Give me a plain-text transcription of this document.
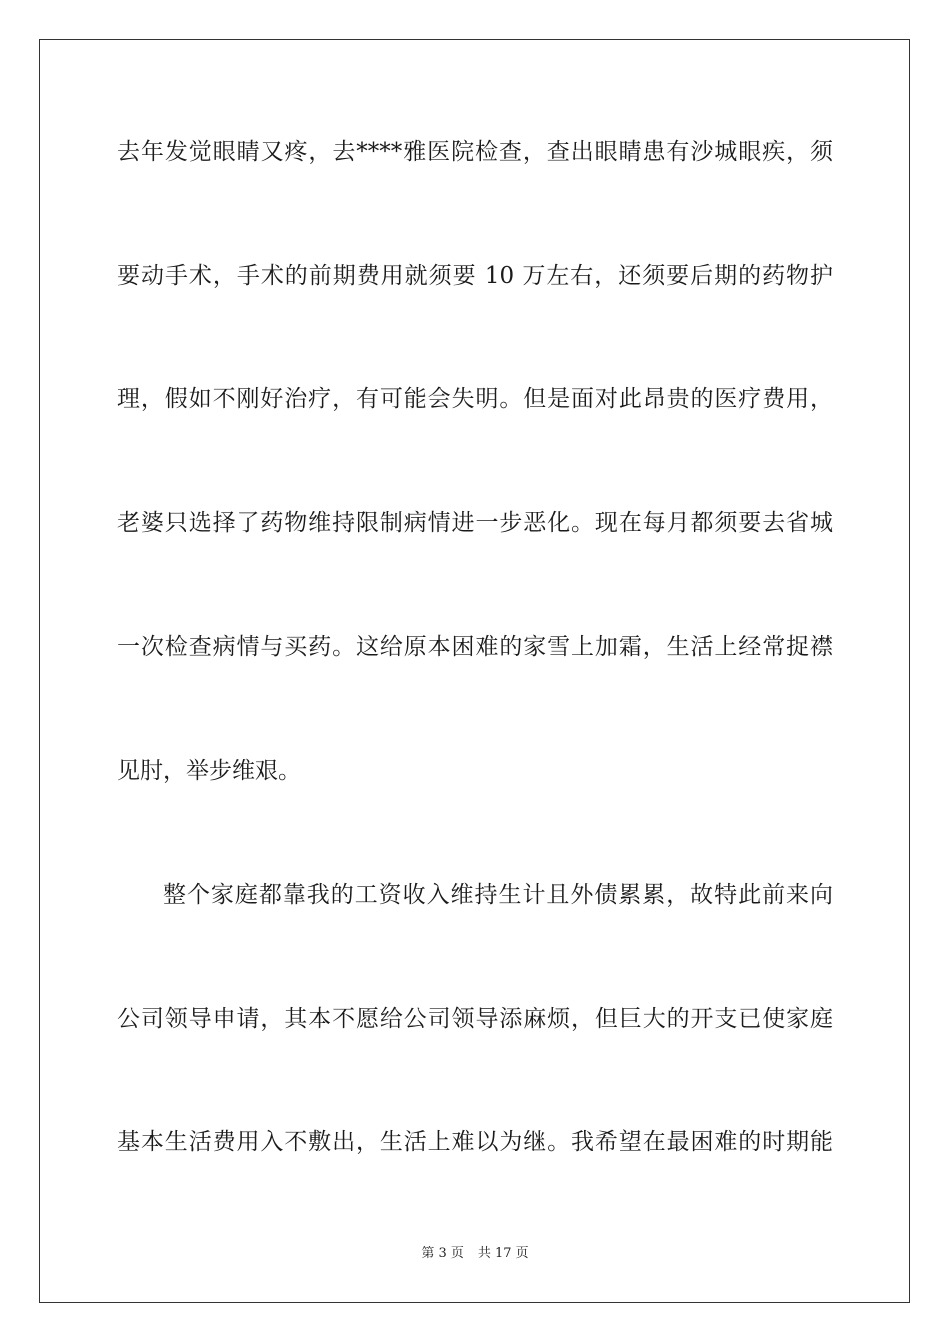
去年发觉眼睛又疼，去****雅医院检查，查出眼睛患有沙城眼疾，须
要动手术，手术的前期费用就须要 10 万左右，还须要后期的药物护
理，假如不刚好治疗，有可能会失明。但是面对此昂贵的医疗费用，
老婆只选择了药物维持限制病情进一步恶化。现在每月都须要去省城
一次检查病情与买药。这给原本困难的家雪上加霜，生活上经常捉襟
见肘，举步维艰。
整个家庭都靠我的工资收入维持生计且外债累累，故特此前来向
公司领导申请，其本不愿给公司领导添麻烦，但巨大的开支已使家庭
基本生活费用入不敷出，生活上难以为继。我希望在最困难的时期能
第 3 页 共 17 页
